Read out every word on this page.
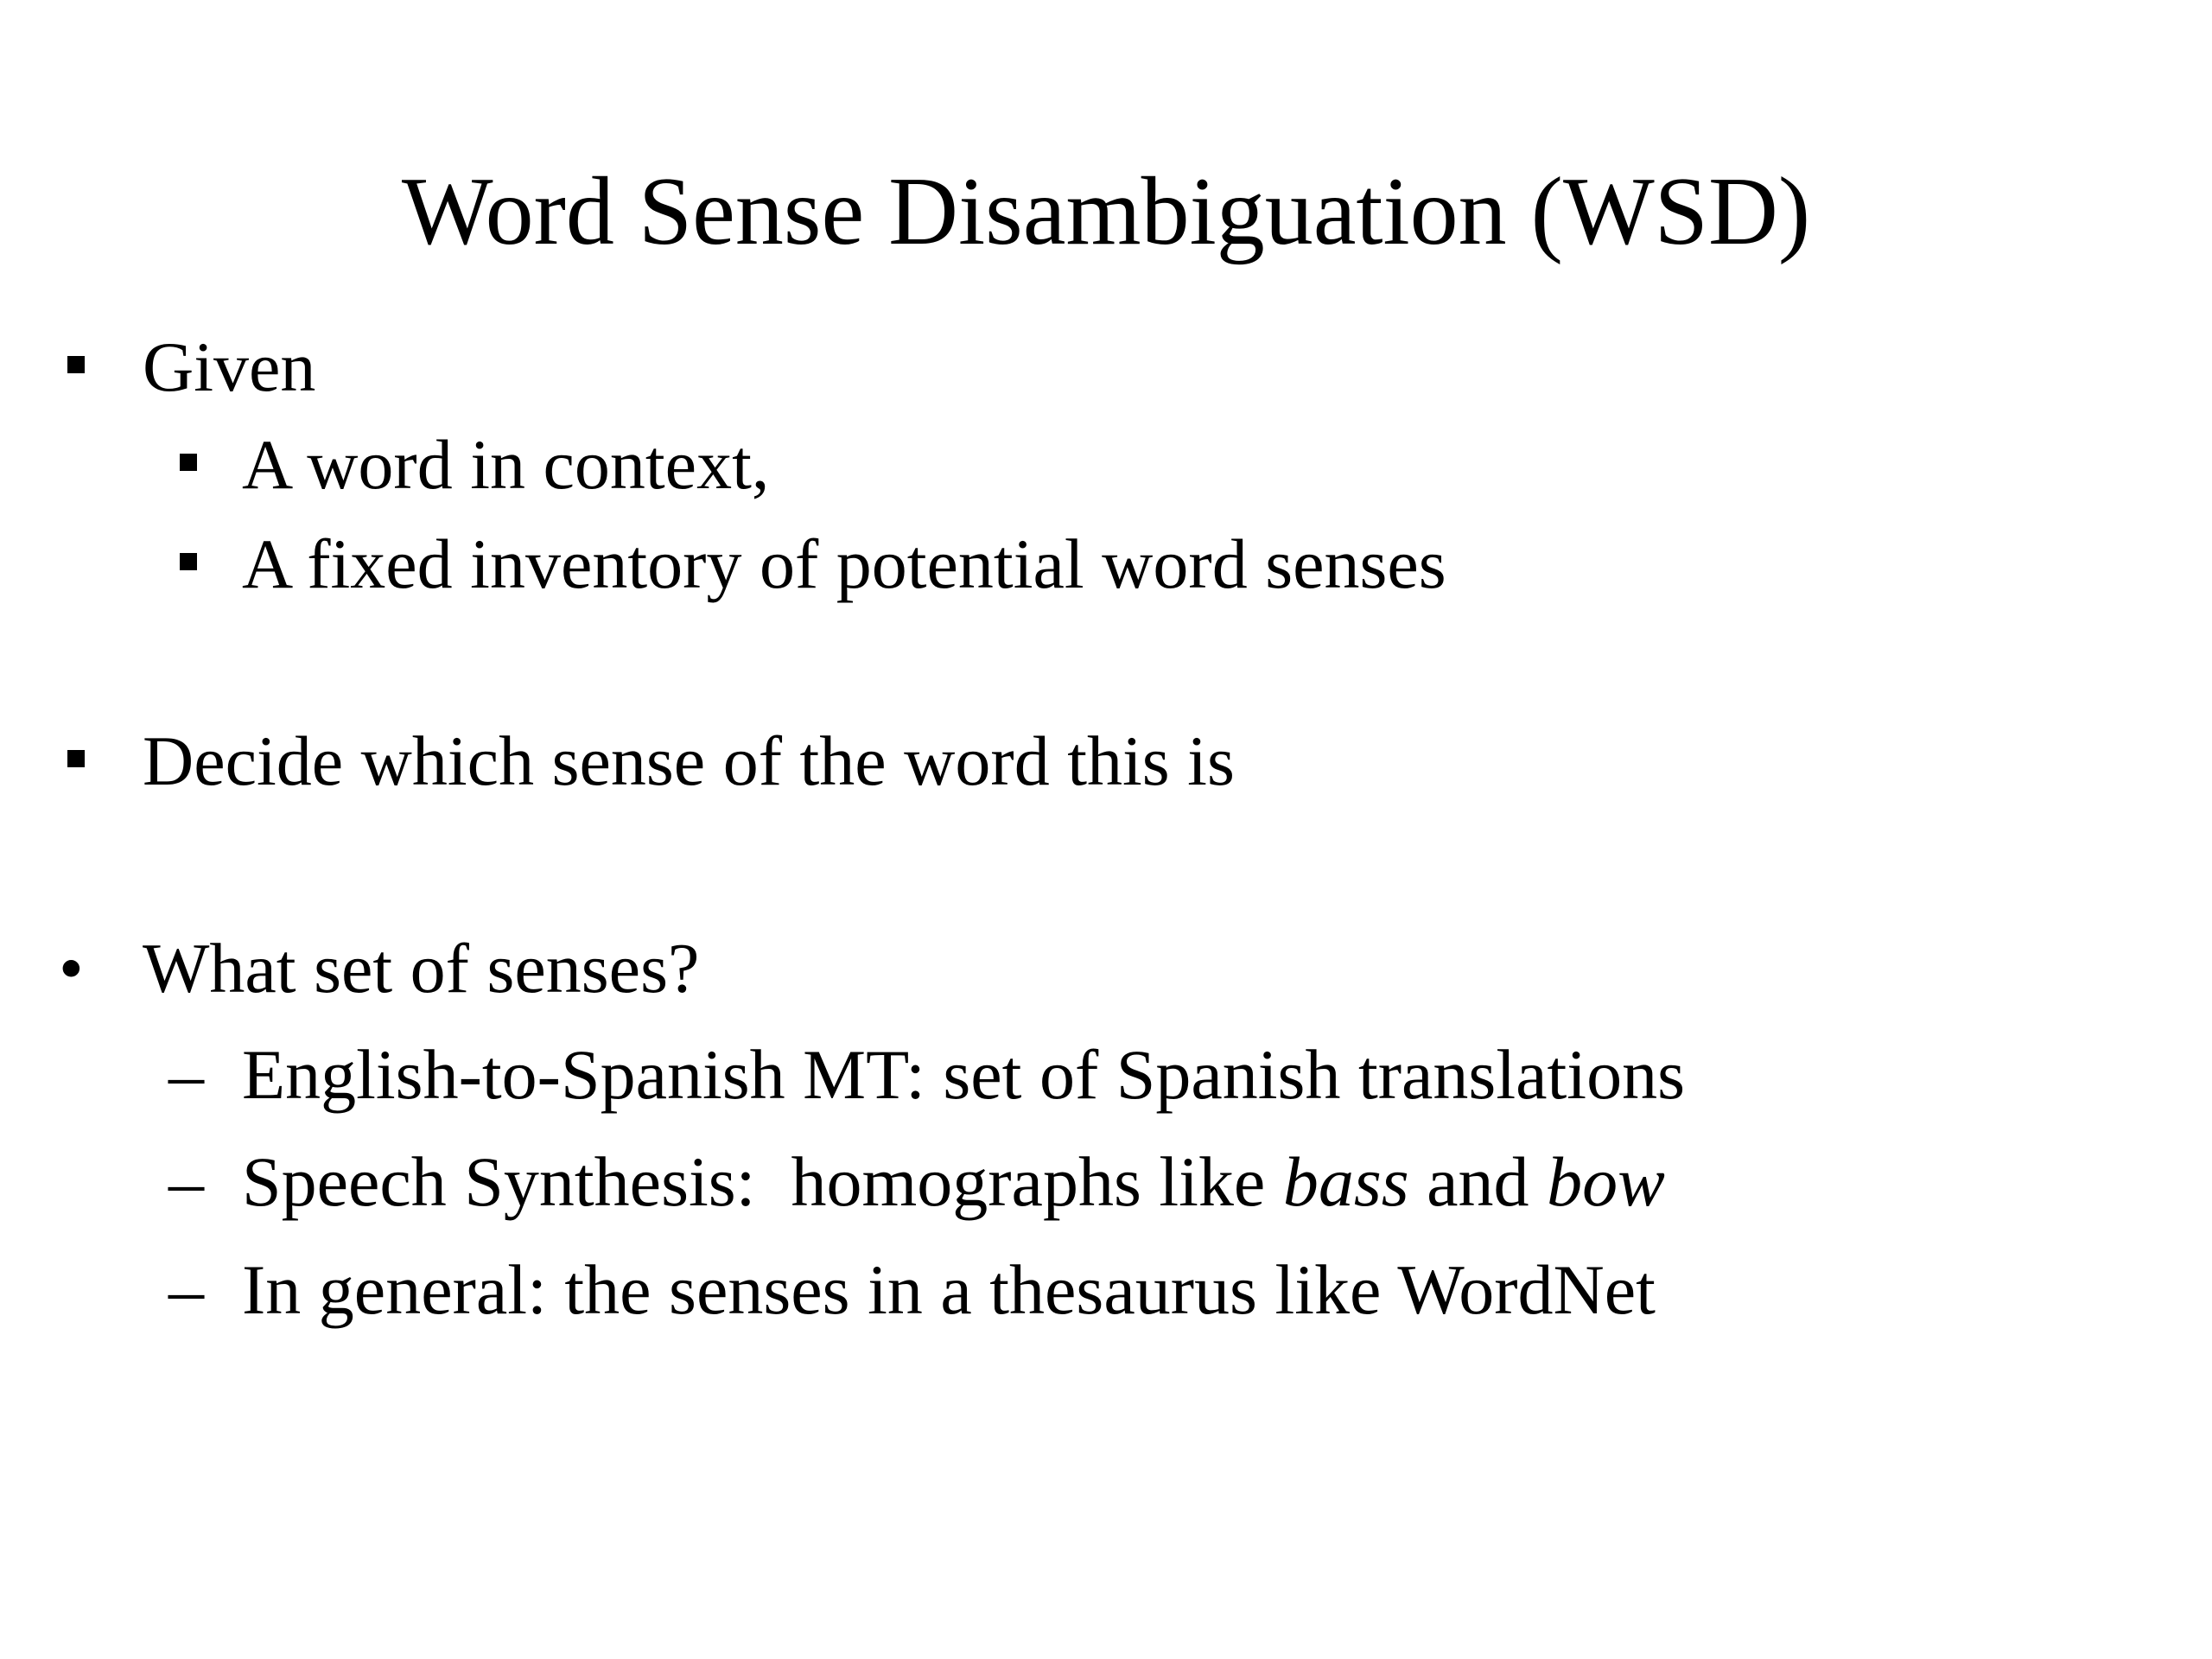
Word Sense Disambiguation (WSD)
Given
A word in context,
A fixed inventory of potential word senses
Decide which sense of the word this is
• What set of senses?
– English-to-Spanish MT: set of Spanish translations
– Speech Synthesis:  homographs like bass and bow
– In general: the senses in a thesaurus like WordNet
